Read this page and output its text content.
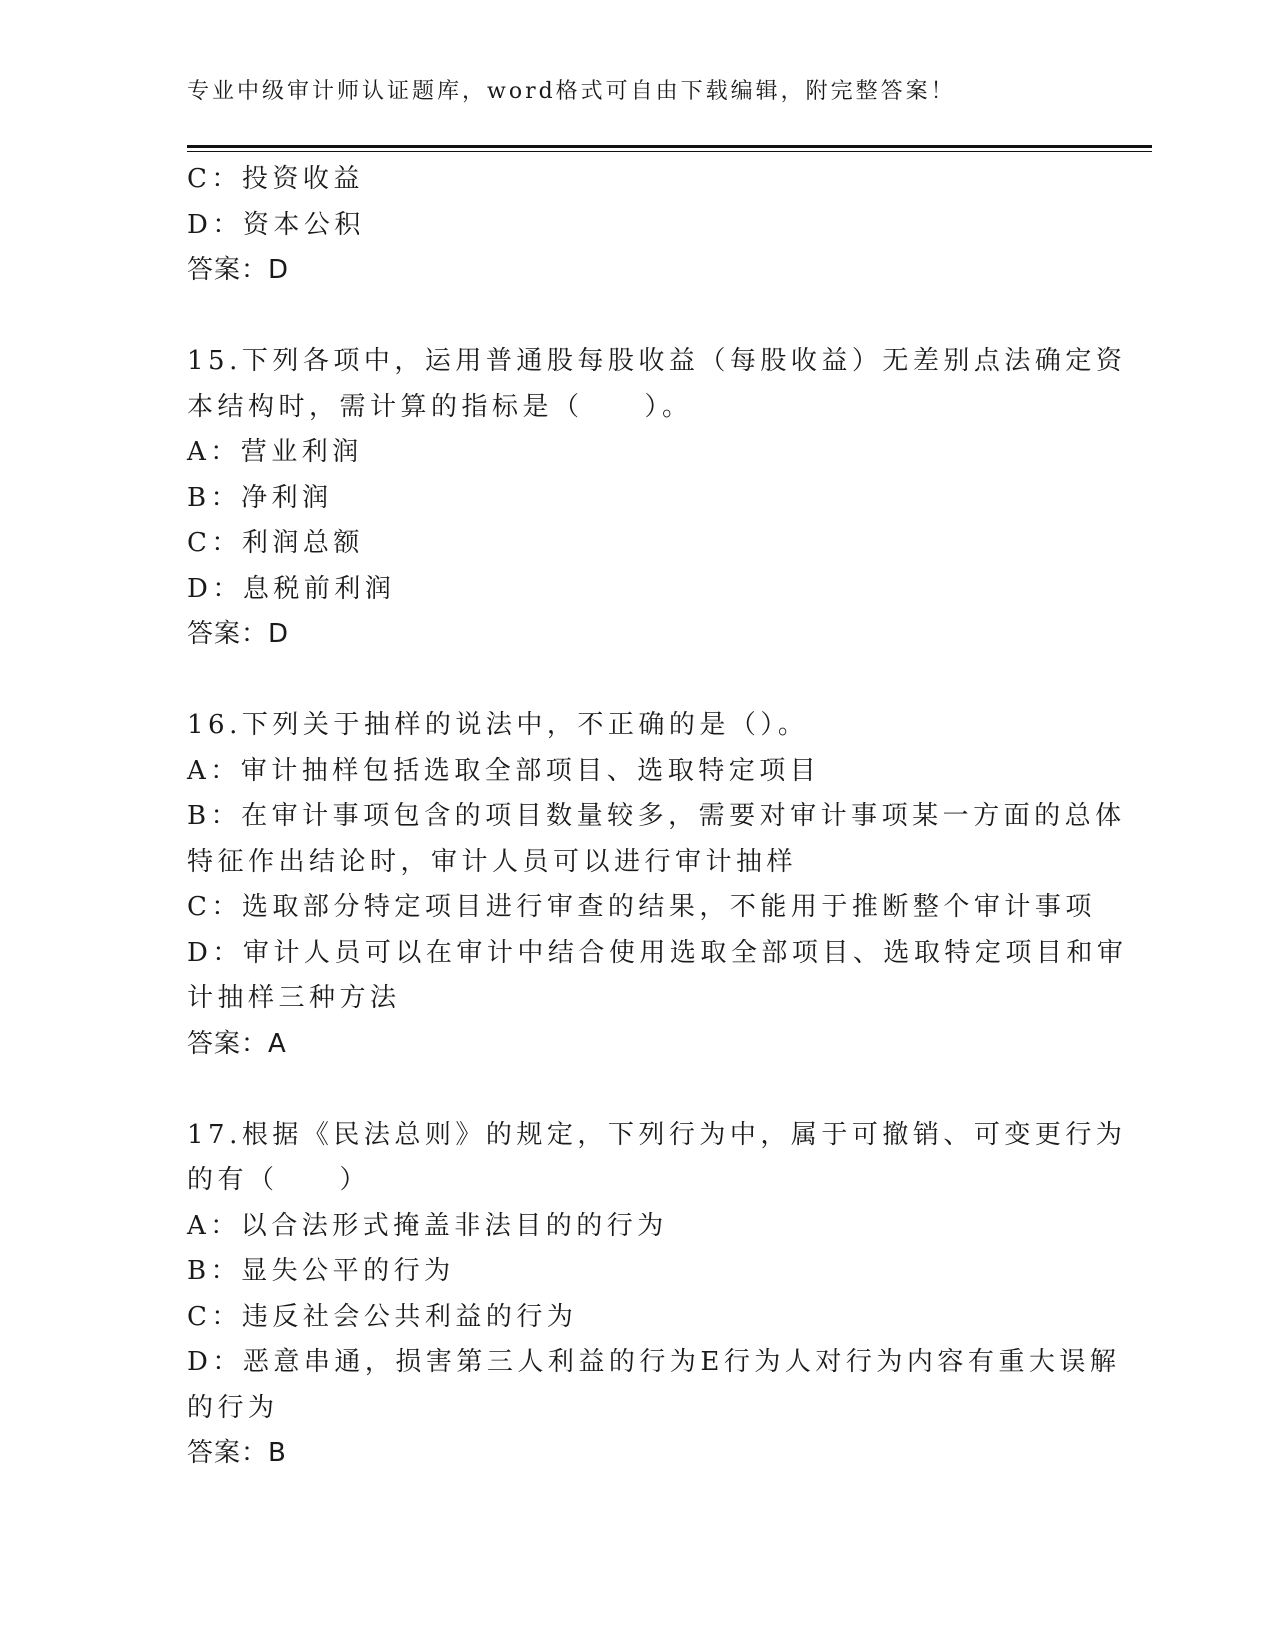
专业中级审计师认证题库，word格式可自由下载编辑，附完整答案！
C：投资收益
D：资本公积
答案：D
15.下列各项中，运用普通股每股收益（每股收益）无差别点法确定资
本结构时，需计算的指标是（　　）。
A：营业利润
B：净利润
C：利润总额
D：息税前利润
答案：D
16.下列关于抽样的说法中，不正确的是（）。
A：审计抽样包括选取全部项目、选取特定项目
B：在审计事项包含的项目数量较多，需要对审计事项某一方面的总体
特征作出结论时，审计人员可以进行审计抽样
C：选取部分特定项目进行审查的结果，不能用于推断整个审计事项
D：审计人员可以在审计中结合使用选取全部项目、选取特定项目和审
计抽样三种方法
答案：A
17.根据《民法总则》的规定，下列行为中，属于可撤销、可变更行为
的有（　　）
A：以合法形式掩盖非法目的的行为
B：显失公平的行为
C：违反社会公共利益的行为
D：恶意串通，损害第三人利益的行为E行为人对行为内容有重大误解
的行为
答案：B
